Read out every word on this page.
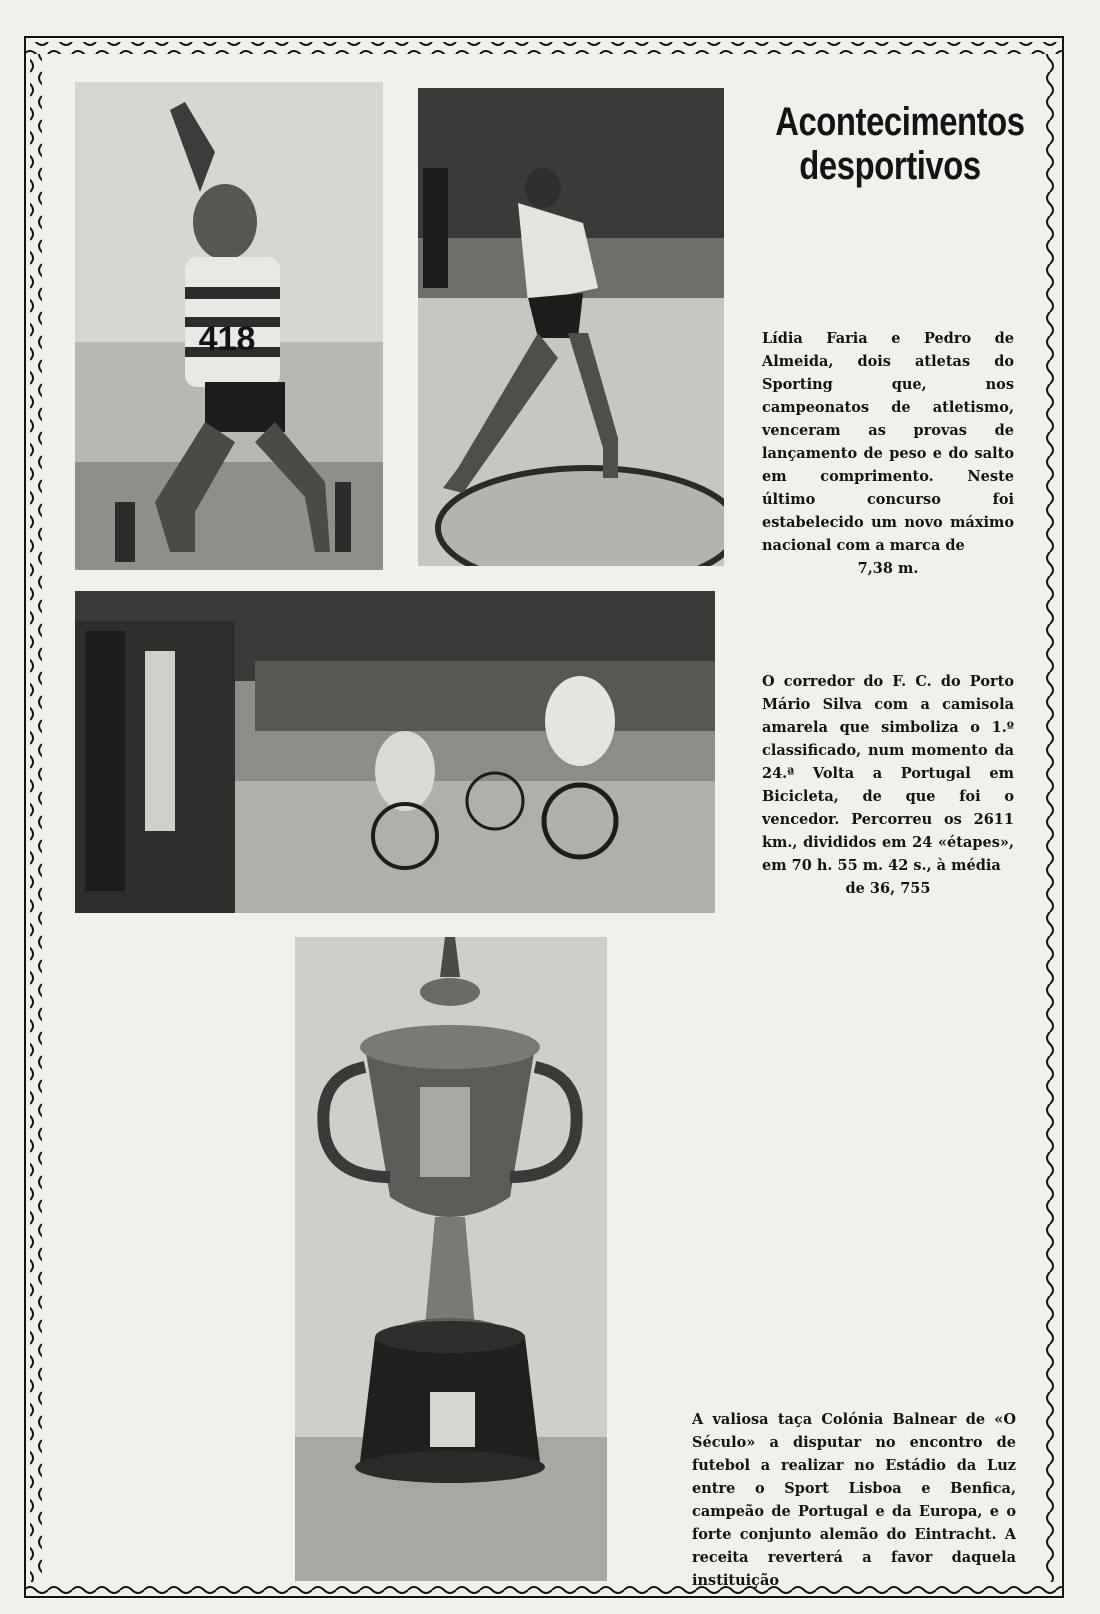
418
Acontecimentos
desportivos
Lídia Faria e Pedro de Almeida, dois atletas do Sporting que, nos campeonatos de atletismo, venceram as provas de lançamento de peso e do salto em comprimento. Neste último concurso foi estabelecido um novo máximo nacional com a marca de
7,38 m.
O corredor do F. C. do Porto Mário Silva com a camisola amarela que simboliza o 1.º classificado, num momento da 24.ª Volta a Portugal em Bicicleta, de que foi o vencedor. Percorreu os 2611 km., divididos em 24 «étapes», em 70 h. 55 m. 42 s., à média
de 36, 755
A valiosa taça Colónia Balnear de «O Século» a disputar no encontro de futebol a realizar no Estádio da Luz entre o Sport Lisboa e Benfica, campeão de Portugal e da Europa, e o forte conjunto alemão do Eintracht. A receita reverterá a favor daquela instituição
